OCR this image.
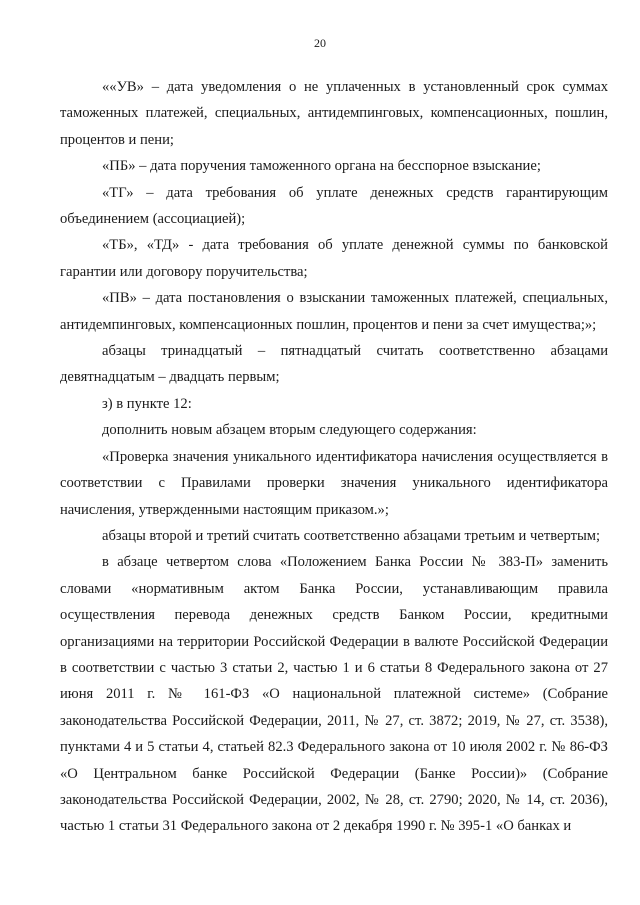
20

««УВ» – дата уведомления о не уплаченных в установленный срок суммах таможенных платежей, специальных, антидемпинговых, компенсационных, пошлин, процентов и пени;

«ПБ» – дата поручения таможенного органа на бесспорное взыскание;

«ТГ» – дата требования об уплате денежных средств гарантирующим объединением (ассоциацией);

«ТБ», «ТД» - дата требования об уплате денежной суммы по банковской гарантии или договору поручительства;

«ПВ» – дата постановления о взыскании таможенных платежей, специальных, антидемпинговых, компенсационных пошлин, процентов и пени за счет имущества;»;

абзацы тринадцатый – пятнадцатый считать соответственно абзацами девятнадцатым – двадцать первым;

з) в пункте 12:

дополнить новым абзацем вторым следующего содержания:

«Проверка значения уникального идентификатора начисления осуществляется в соответствии с Правилами проверки значения уникального идентификатора начисления, утвержденными настоящим приказом.»;

абзацы второй и третий считать соответственно абзацами третьим и четвертым;

в абзаце четвертом слова «Положением Банка России № 383-П» заменить словами «нормативным актом Банка России, устанавливающим правила осуществления перевода денежных средств Банком России, кредитными организациями на территории Российской Федерации в валюте Российской Федерации в соответствии с частью 3 статьи 2, частью 1 и 6 статьи 8 Федерального закона от 27 июня 2011 г. № 161-ФЗ «О национальной платежной системе» (Собрание законодательства Российской Федерации, 2011, № 27, ст. 3872; 2019, № 27, ст. 3538), пунктами 4 и 5 статьи 4, статьей 82.3 Федерального закона от 10 июля 2002 г. № 86-ФЗ «О Центральном банке Российской Федерации (Банке России)» (Собрание законодательства Российской Федерации, 2002, № 28, ст. 2790; 2020, № 14, ст. 2036), частью 1 статьи 31 Федерального закона от 2 декабря 1990 г. № 395-1 «О банках и
